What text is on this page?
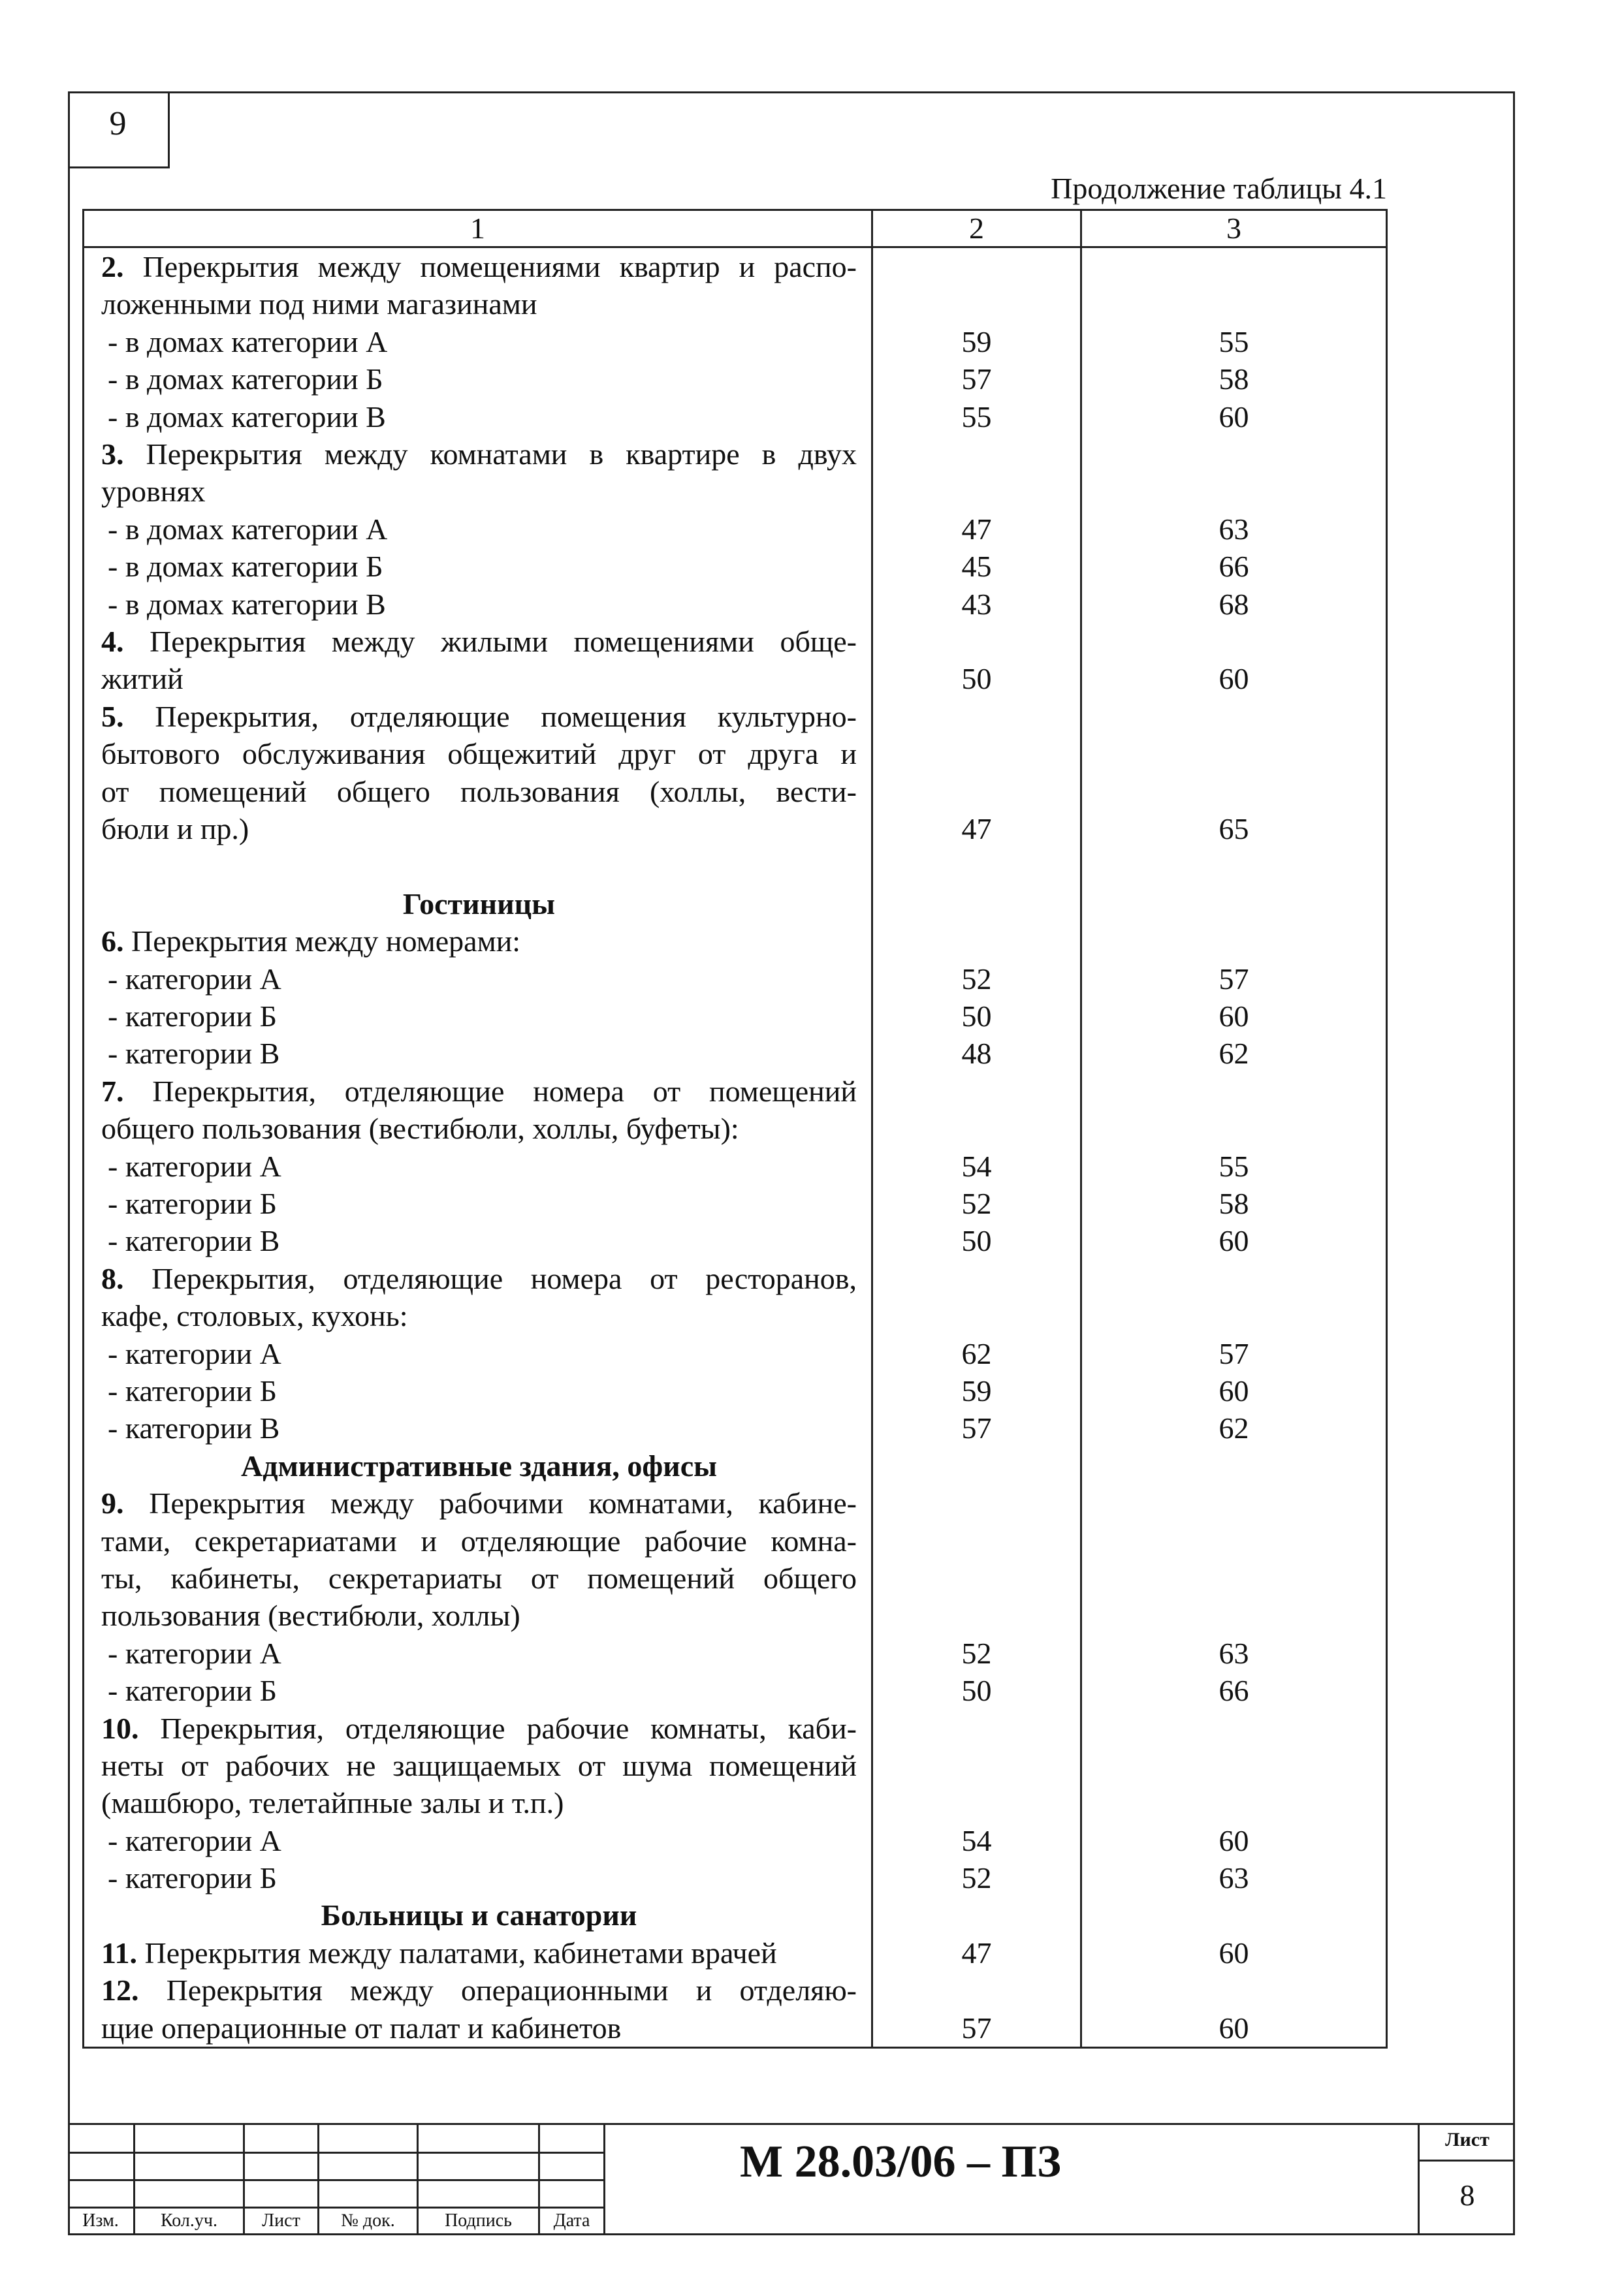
9
Продолжение таблицы 4.1
1	2	3

2. Перекрытия между помещениями квартир и распо-
ложенными под ними магазинами		

- в домах категории А	59	55

- в домах категории Б	57	58

- в домах категории В	55	60

3. Перекрытия между комнатами в квартире в двух
уровнях		

- в домах категории А	47	63

- в домах категории Б	45	66

- в домах категории В	43	68

4. Перекрытия между жилыми помещениями обще-
житий	50	60

5. Перекрытия, отделяющие помещения культурно-
бытового обслуживания общежитий друг от друга и
от помещений общего пользования (холлы, вести-
бюли и пр.)	47	65

Гостиницы		

6. Перекрытия между номерами:		

- категории А	52	57

- категории Б	50	60

- категории В	48	62

7. Перекрытия, отделяющие номера от помещений
общего пользования (вестибюли, холлы, буфеты):		

- категории А	54	55

- категории Б	52	58

- категории В	50	60

8. Перекрытия, отделяющие номера от ресторанов,
кафе, столовых, кухонь:		

- категории А	62	57

- категории Б	59	60

- категории В	57	62

Административные здания, офисы		

9. Перекрытия между рабочими комнатами, кабине-
тами, секретариатами и отделяющие рабочие комна-
ты, кабинеты, секретариаты от помещений общего
пользования (вестибюли, холлы)		

- категории А	52	63

- категории Б	50	66

10. Перекрытия, отделяющие рабочие комнаты, каби-
неты от рабочих не защищаемых от шума помещений
(машбюро, телетайпные залы и т.п.)		

- категории А	54	60

- категории Б	52	63

Больницы и санатории		

11. Перекрытия между палатами, кабинетами врачей	47	60

12. Перекрытия между операционными и отделяю-
щие операционные от палат и кабинетов	57	60
Изм.	Кол.уч.	Лист	№ док.	Подпись	Дата
М 28.03/06 – ПЗ	Лист
8
